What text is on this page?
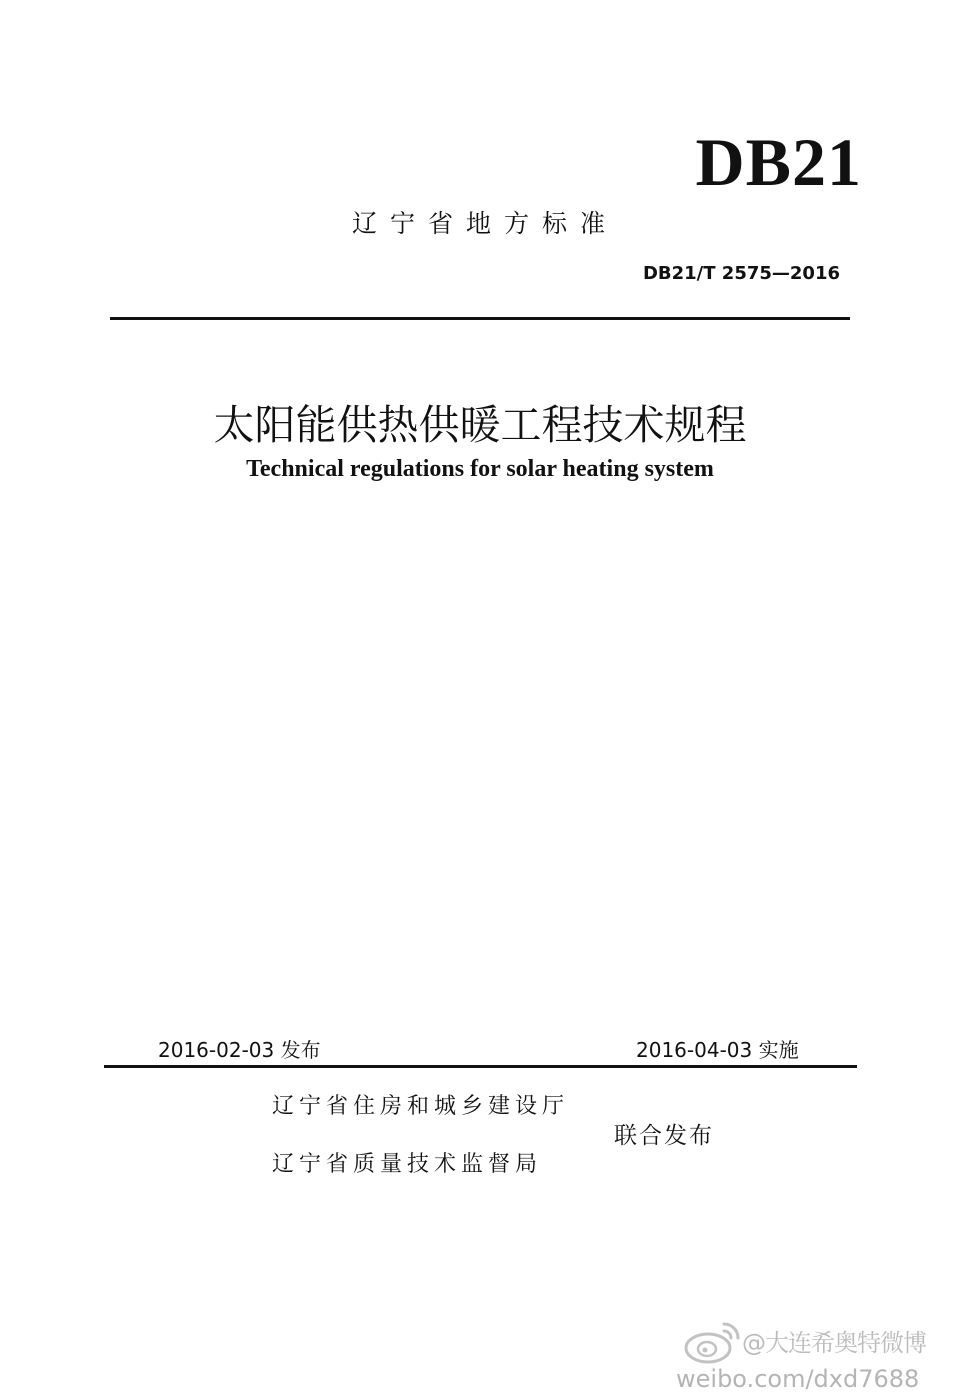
DB21
辽宁省地方标准
DB21/T 2575—2016
太阳能供热供暖工程技术规程
Technical regulations for solar heating system
2016-02-03 发布	2016-04-03 实施
辽宁省住房和城乡建设厅
辽宁省质量技术监督局
联合发布
@大连希奥特微博
weibo.com/dxd7688
